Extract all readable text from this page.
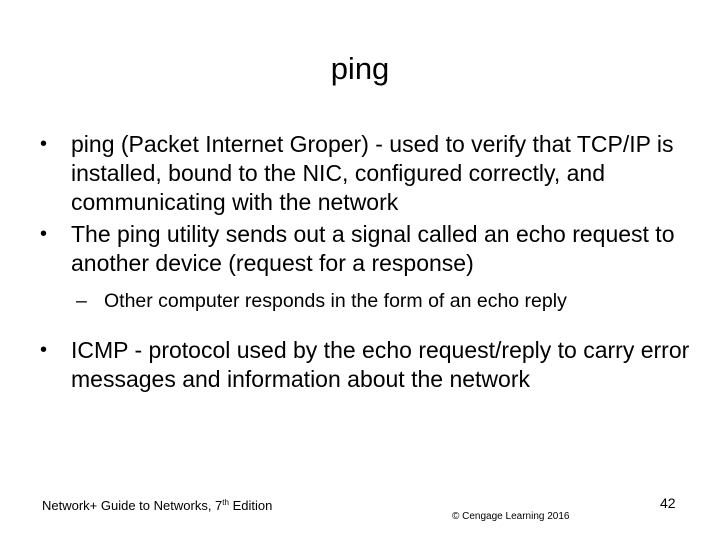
ping
• ping (Packet Internet Groper) - used to verify that TCP/IP is installed, bound to the NIC, configured correctly, and communicating with the network
• The ping utility sends out a signal called an echo request to another device (request for a response)
– Other computer responds in the form of an echo reply
• ICMP - protocol used by the echo request/reply to carry error messages and information about the network
Network+ Guide to Networks, 7th Edition
© Cengage Learning 2016
42
